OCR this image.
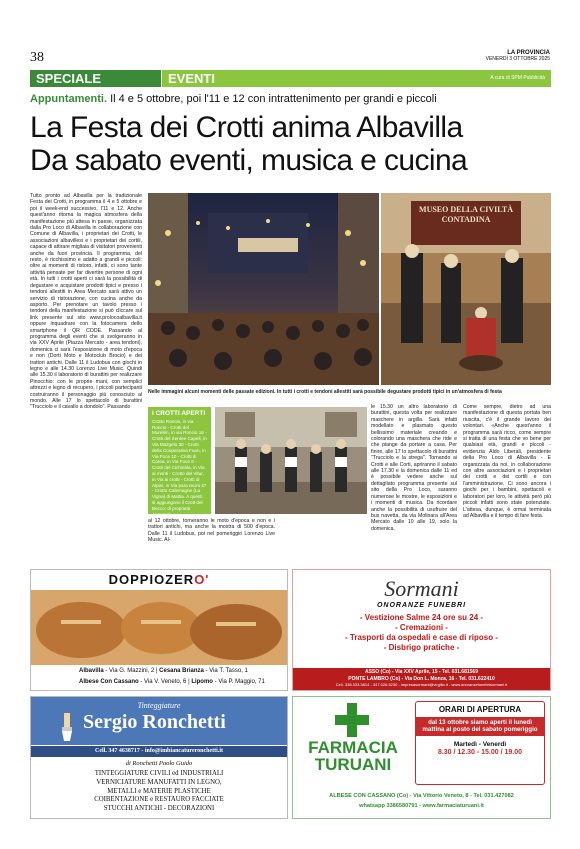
38	LA PROVINCIA
VENERDÌ 3 OTTOBRE 2025
SPECIALE	EVENTI	A cura di SPM Pubblicità
Appuntamenti. Il 4 e 5 ottobre, poi l'11 e 12 con intrattenimento per grandi e piccoli
La Festa dei Crotti anima Albavilla
Da sabato eventi, musica e cucina
Tutto pronto ad Albavilla per la tradizionale Festa dei Crotti, in programma il 4 e 5 ottobre e poi il week-end successivo, l'11 e 12. Anche quest'anno ritorna la magica atmosfera della manifestazione più attesa in paese, organizzata dalla Pro Loco di Albavilla in collaborazione con Comune di Albavilla, i proprietari dei Crotti, le associazioni albavillesi e i proprietari dei cortili, capace di attirare migliaia di visitatori provenienti anche da fuori provincia. Il programma, del resto, è ricchissimo e adatto a grandi e piccoli: oltre ai momenti di ristoro, infatti, ci sono tante attività pensate per far divertire persone di ogni età. In tutti i crotti aperti ci sarà la possibilità di degustare e acquistare prodotti tipici e presso i tendoni allestiti in Area Mercato sarà attivo un servizio di ristorazione, con cucina anche da asporto. Per prenotare un tavolo presso i tendoni della manifestazione si può cliccare sul link presente sul sito www.prolocoalbavilla.it oppure inquadrare con la fotocamera dello smartphone il QR CODE. Passando al programma degli eventi che si svolgeranno in via XXV Aprile (Piazza Mercato - area tendoni), domenica ci sarà l'esposizione di moto d'epoca e non (Dorti Moto e Motoclub Brocio) e dei trattori antichi. Dalle 11 il Ludobus con giochi in legno e alle 14.30 Lorenzo Live Music. Quindi alle 15.30 il laboratorio di burattini per realizzare Pinocchio: con le proprie mani, con semplici attrezzi e legno di recupero, i piccoli partecipanti costruiranno il personaggio più conosciuto al mondo. Alle 17 lo spettacolo di burattini "Trucciolo e il cavallo a dondolo". Passando
MUSEO DELLA CIVILTÀ CONTADINA
Nelle immagini alcuni momenti delle passate edizioni. In tutti i crotti e tendoni allestiti sarà possibile degustare prodotti tipici in un'atmosfera di festa
I CROTTI APERTI
Crotto Roncio, in via Roncio - Crotti del Murelén, in via Roncio 16 - Crotti del Sentee Capell, in Via Mazgelo 30 - Crotti della Cooperativa Fuan, in Via Foce 10 - Crotti di Corea, in Via Foce 8 - Crotti del Cichinàla, in Via ai monti - Crotto del Vitur, in Via ai crotti - Crotti di Alpini, in Via para recini 47 - Crotto Calemagne (La Vigna) di Mattia. A questi si aggiungono il Crott del Becco: di proprietà comunale.
al 12 ottobre, torneranno le moto d'epoca e non e i trattori antichi, ma anche la mostra di 500 d'epoca. Dalle 11 il Ludobus, poi nel pomeriggio Lorenzo Live Music. Al-
le 15.30 un altro laboratorio di burattini, questa volta per realizzare maschere in argilla. Sarà infatti modellato e plasmato questo bellissimo materiale creando e colorando una maschera che ride e che piange da portare a casa. Per finire, alle 17 lo spettacolo di burattini "Trucciolo e la strega". Tornando ai Crotti e alle Corti, apriranno il sabato alle 17.30 e la domenica dalle 11 ed è possibile vedere anche sul dettagliato programma presente sul sito della Pro Loco, saranno numerose le mostre, le esposizioni e i momenti di musica. Da ricordare anche la possibilità di usufruire del bus navetta, da via Molinara all'Area Mercato dalle 10 alle 19, solo la domenica.
Come sempre, dietro ad una manifestazione di questa portata ben riuscita, c'è il grande lavoro dei volontari. «Anche quest'anno il programma sarà ricco, come sempre si tratta di una festa che vo bene per qualsiasi età, grandi e piccoli - evidenzia Aldo Liberali, presidente della Pro Loco di Albavilla - E organizzata da noi, in collaborazione con altre associazioni e i proprietari dei crotti e dei cortili e con l'amministrazione. Ci sono ancora i giochi per i bambini, spettacoli e laboratori per loro, le attività però più piccoli infatti sono state potenziate. L'attesa, dunque, è ormai terminata ad Albavilla e il tempo di fare festa.
DOPPIOZERO'
Albavilla - Via G. Mazzini, 2 | Cesana Brianza - Via T. Tasso, 1
Albese Con Cassano - Via V. Veneto, 6 | Lipomo - Via P. Maggio, 71
Sormani
ONORANZE FUNEBRI
- Vestizione Salme 24 ore su 24 -
- Cremazioni -
- Trasporti da ospedali e case di riposo -
- Disbrigo pratiche -
ASSO (Co) - Via XXV Aprile, 15 - Tel. 031.681569
PONTE LAMBRO (Co) - Via Don L. Monza, 16 - Tel. 031.622410
Cell. 338.333.3814 - 347.026.5230 - impresasormani@virgilio.it - www.onoranzefunebrisormani.it
Tinteggiature
Sergio Ronchetti
Cell. 347 4638717 - info@imbiancatureronchetti.it
di Ronchetti Paolo Guido
TINTEGGIATURE CIVILI ed INDUSTRIALI
VERNICIATURE MANUFATTI IN LEGNO,
METALLI e MATERIE PLASTICHE
COIBENTAZIONE e RESTAURO FACCIATE
STUCCHI ANTICHI - DECORAZIONI
FARMACIA
TURUANI
ORARI DI APERTURA
dal 13 ottobre siamo aperti il lunedì mattina al posto del sabato pomeriggio
Martedì - Venerdì
8.30 / 12.30 - 15.00 / 19.00
ALBESE CON CASSANO (Co) - Via Vittorio Veneto, 8 - Tel. 031.427082
whatsapp 3386580791 - www.farmaciaturuani.it
